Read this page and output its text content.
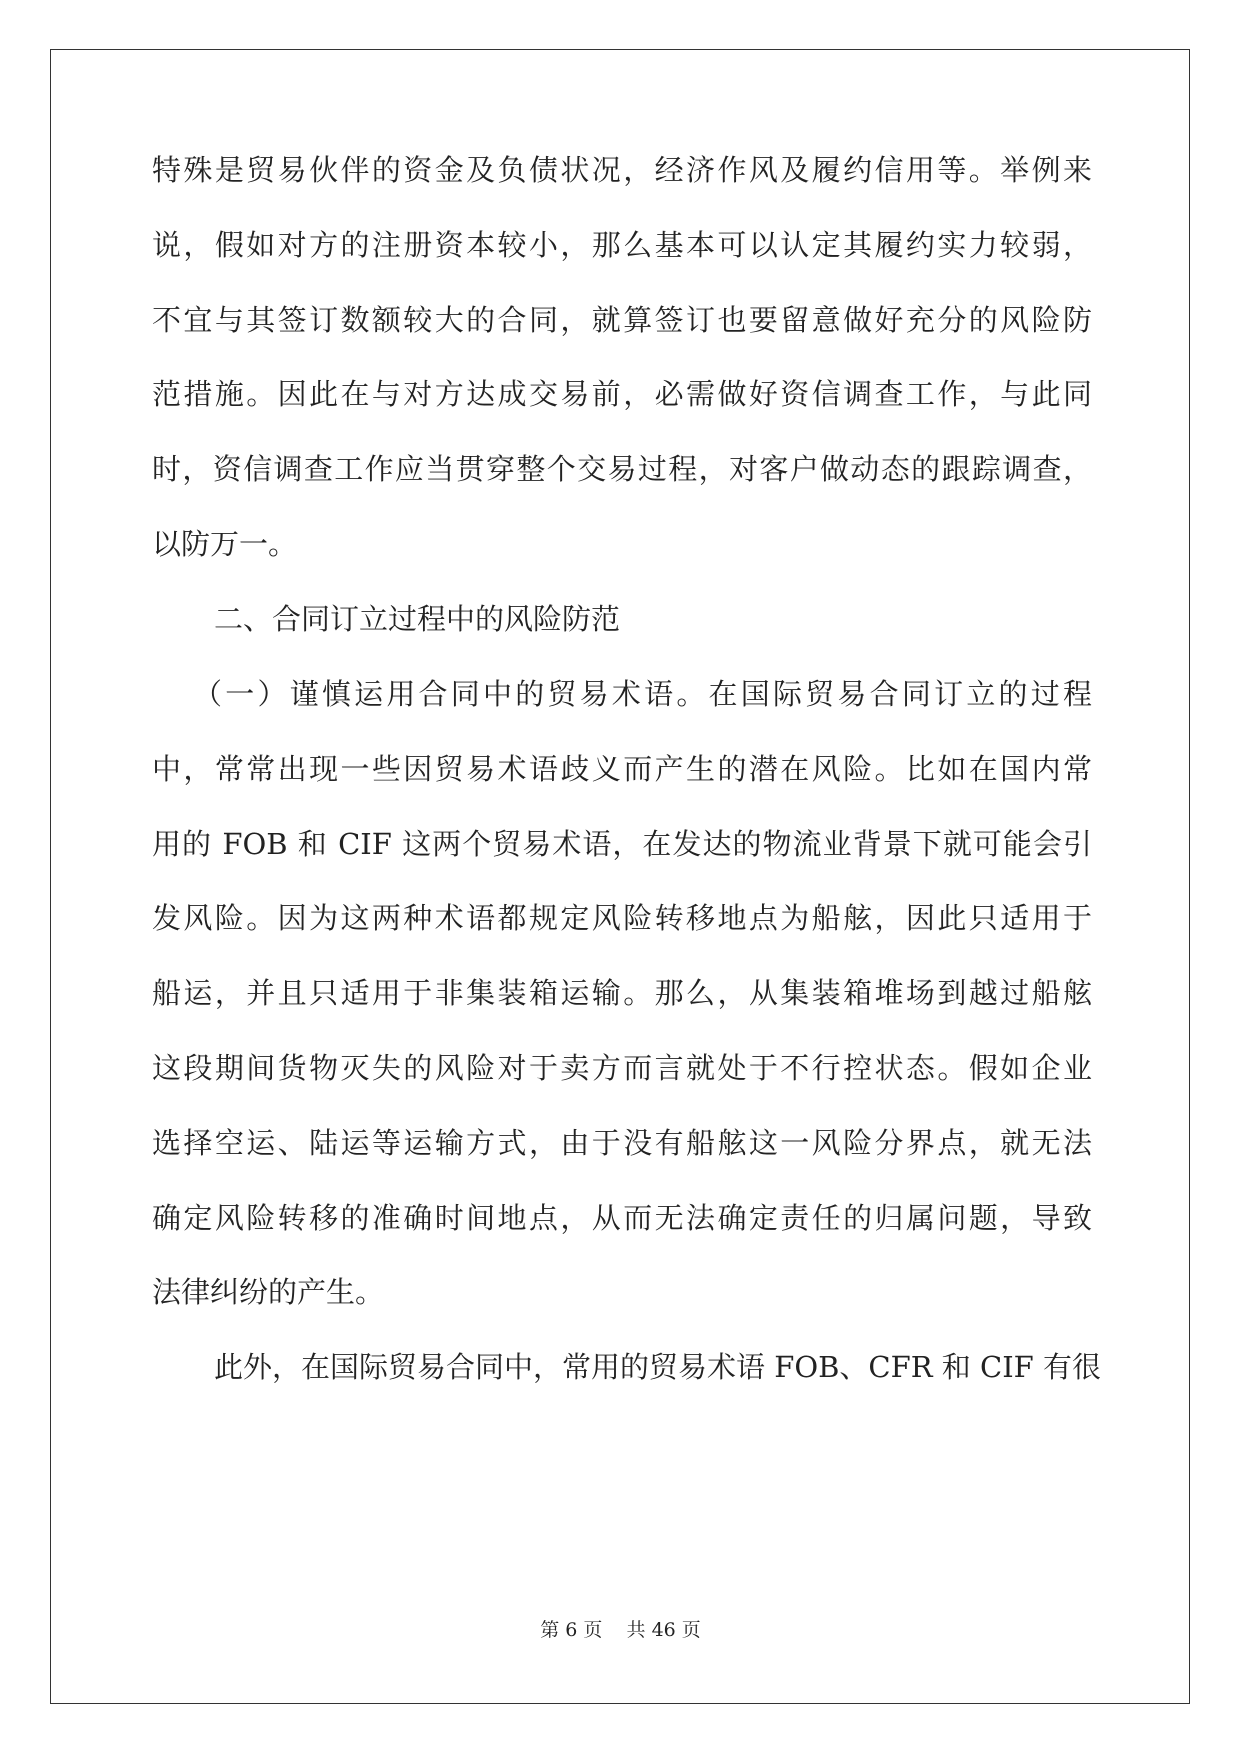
特殊是贸易伙伴的资金及负债状况，经济作风及履约信用等。举例来
说，假如对方的注册资本较小，那么基本可以认定其履约实力较弱，
不宜与其签订数额较大的合同，就算签订也要留意做好充分的风险防
范措施。因此在与对方达成交易前，必需做好资信调查工作，与此同
时，资信调查工作应当贯穿整个交易过程，对客户做动态的跟踪调查，
以防万一。
二、合同订立过程中的风险防范
（一）谨慎运用合同中的贸易术语。在国际贸易合同订立的过程
中，常常出现一些因贸易术语歧义而产生的潜在风险。比如在国内常
用的 FOB 和 CIF 这两个贸易术语，在发达的物流业背景下就可能会引
发风险。因为这两种术语都规定风险转移地点为船舷，因此只适用于
船运，并且只适用于非集装箱运输。那么，从集装箱堆场到越过船舷
这段期间货物灭失的风险对于卖方而言就处于不行控状态。假如企业
选择空运、陆运等运输方式，由于没有船舷这一风险分界点，就无法
确定风险转移的准确时间地点，从而无法确定责任的归属问题，导致
法律纠纷的产生。
此外，在国际贸易合同中，常用的贸易术语 FOB、CFR 和 CIF 有很
第 6 页 共 46 页
